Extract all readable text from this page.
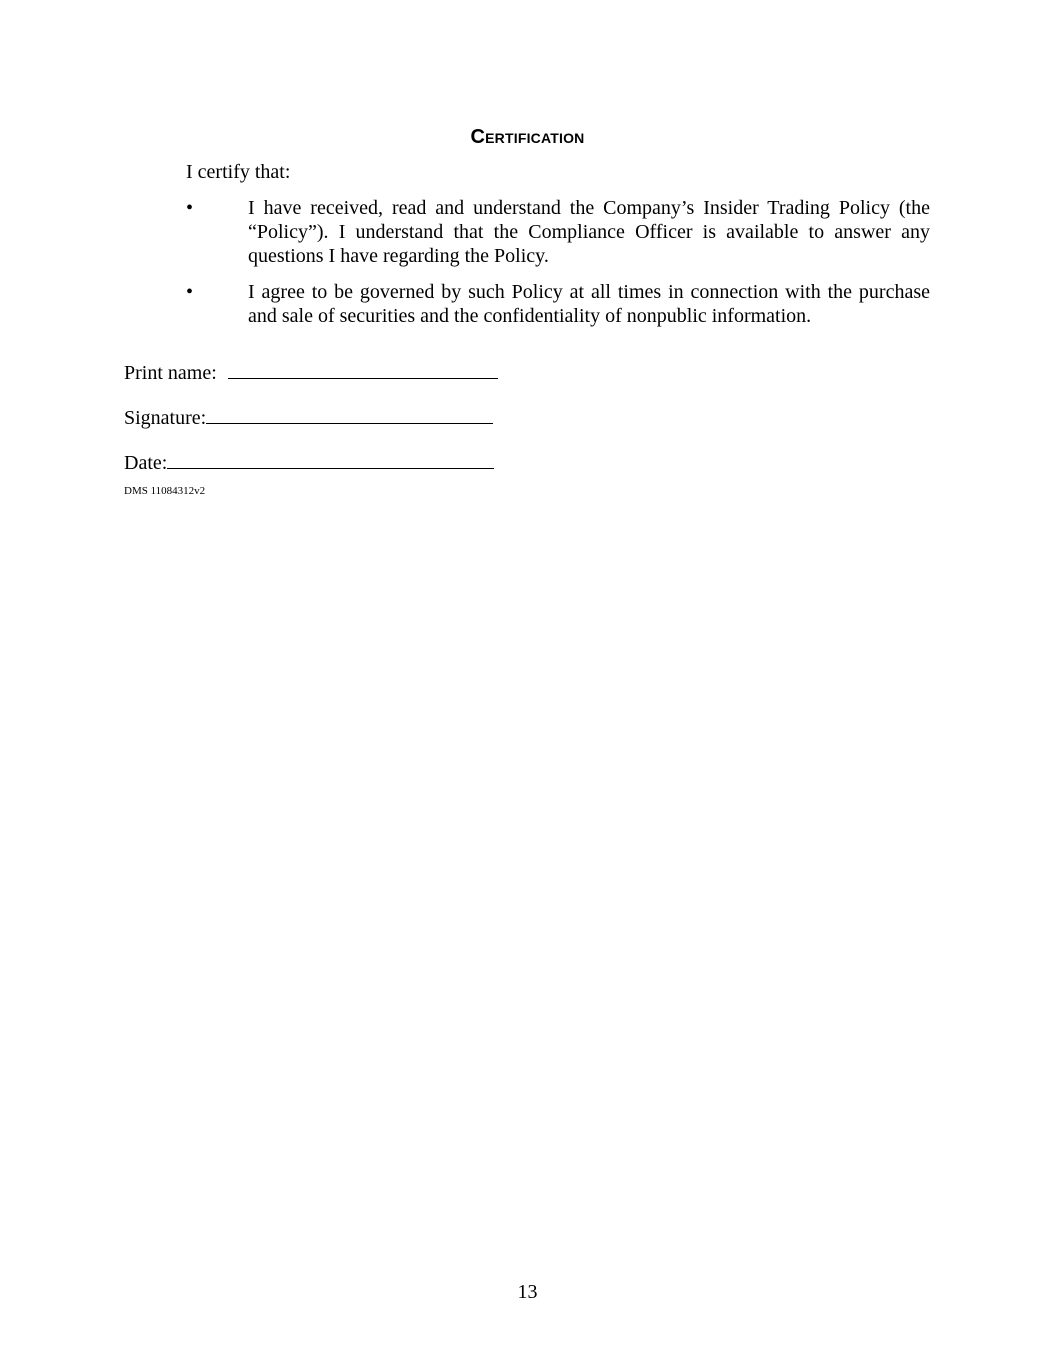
Certification
I certify that:
•	I have received, read and understand the Company’s Insider Trading Policy (the “Policy”). I understand that the Compliance Officer is available to answer any questions I have regarding the Policy.
•	I agree to be governed by such Policy at all times in connection with the purchase and sale of securities and the confidentiality of nonpublic information.
Print name:
Signature:
Date:
DMS 11084312v2
13
